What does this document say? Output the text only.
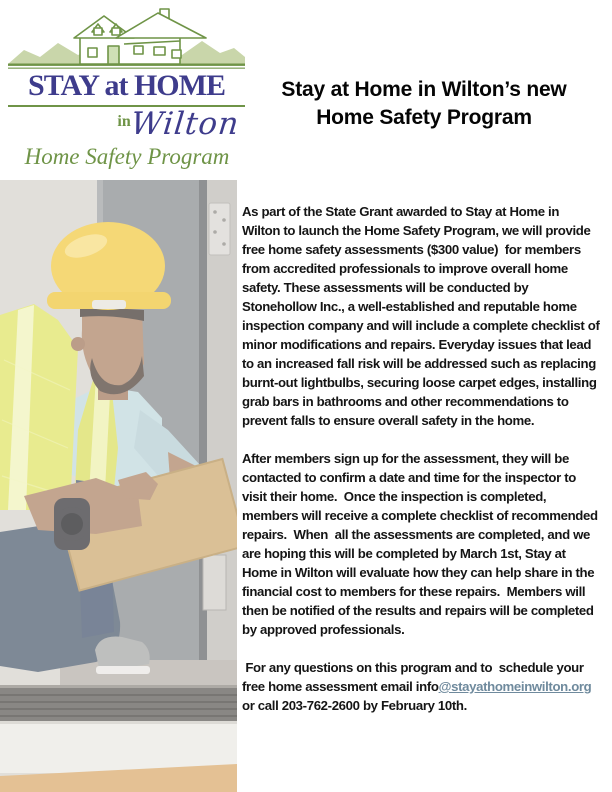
STAY at HOME
inWilton
Home Safety Program
Stay at Home in Wilton’s new
Home Safety Program

As part of the State Grant awarded to Stay at Home in Wilton to launch the Home Safety Program, we will provide free home safety assessments ($300 value)  for members from accredited professionals to improve overall home safety. These assessments will be conducted by Stonehollow Inc., a well-established and reputable home inspection company and will include a complete checklist of minor modifications and repairs. Everyday issues that lead to an increased fall risk will be addressed such as replacing burnt-out lightbulbs, securing loose carpet edges, installing grab bars in bathrooms and other recommendations to prevent falls to ensure overall safety in the home.

After members sign up for the assessment, they will be contacted to confirm a date and time for the inspector to visit their home.  Once the inspection is completed, members will receive a complete checklist of recommended repairs.  When  all the assessments are completed, and we are hoping this will be completed by March 1st, Stay at Home in Wilton will evaluate how they can help share in the financial cost to members for these repairs.  Members will then be notified of the results and repairs will be completed by approved professionals.

For any questions on this program and to  schedule your free home assessment email info@stayathomeinwilton.org or call 203-762-2600 by February 10th.
